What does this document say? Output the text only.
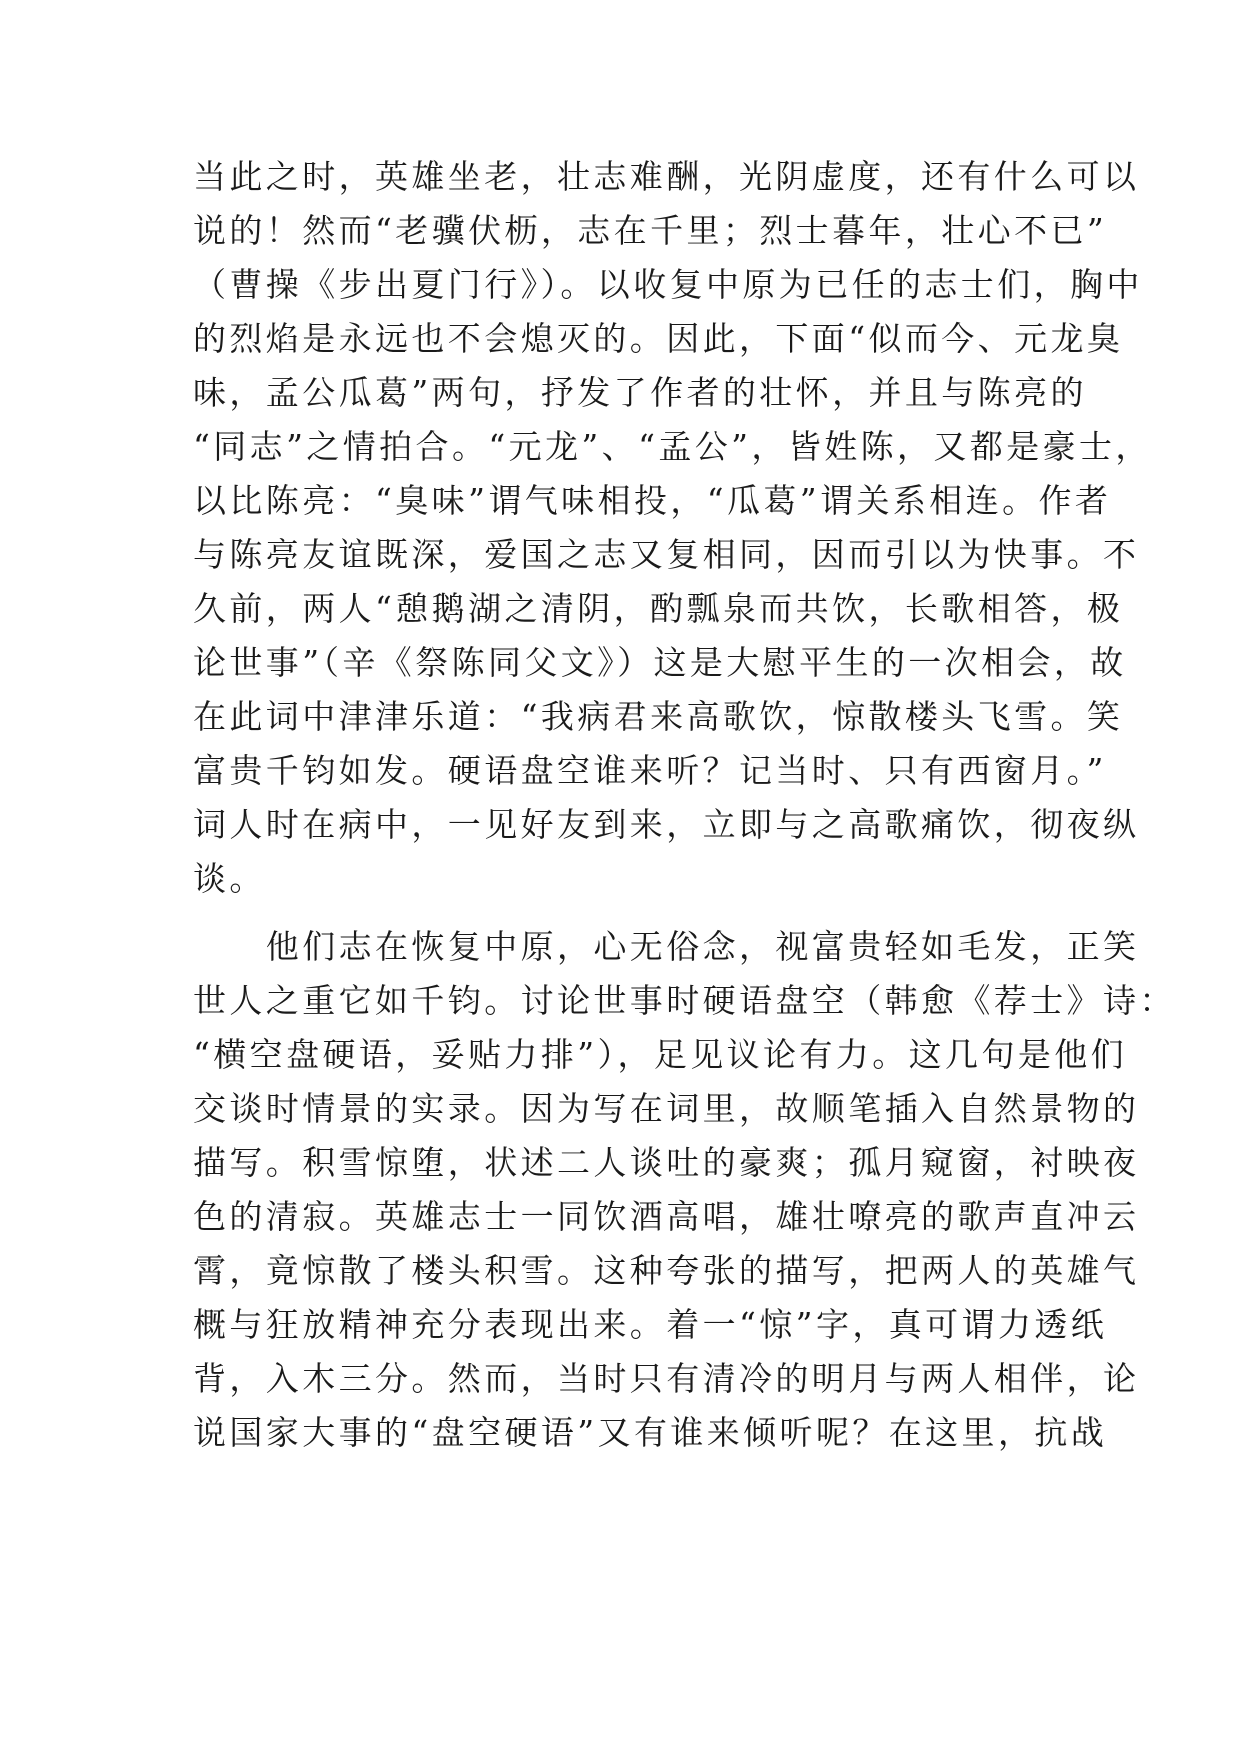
当此之时，英雄坐老，壮志难酬，光阴虚度，还有什么可以
说的！然而“老骥伏枥，志在千里；烈士暮年，壮心不已”
（曹操《步出夏门行》）。以收复中原为已任的志士们，胸中
的烈焰是永远也不会熄灭的。因此，下面“似而今、元龙臭
味，孟公瓜葛”两句，抒发了作者的壮怀，并且与陈亮的
“同志”之情拍合。“元龙”、“孟公”，皆姓陈，又都是豪士，
以比陈亮：“臭味”谓气味相投，“瓜葛”谓关系相连。作者
与陈亮友谊既深，爱国之志又复相同，因而引以为快事。不
久前，两人“憩鹅湖之清阴，酌瓢泉而共饮，长歌相答，极
论世事”（辛《祭陈同父文》）这是大慰平生的一次相会，故
在此词中津津乐道：“我病君来高歌饮，惊散楼头飞雪。笑
富贵千钧如发。硬语盘空谁来听？记当时、只有西窗月。”
词人时在病中，一见好友到来，立即与之高歌痛饮，彻夜纵
谈。
　　他们志在恢复中原，心无俗念，视富贵轻如毛发，正笑
世人之重它如千钧。讨论世事时硬语盘空（韩愈《荐士》诗：
“横空盘硬语，妥贴力排”），足见议论有力。这几句是他们
交谈时情景的实录。因为写在词里，故顺笔插入自然景物的
描写。积雪惊堕，状述二人谈吐的豪爽；孤月窥窗，衬映夜
色的清寂。英雄志士一同饮酒高唱，雄壮嘹亮的歌声直冲云
霄，竟惊散了楼头积雪。这种夸张的描写，把两人的英雄气
概与狂放精神充分表现出来。着一“惊”字，真可谓力透纸
背，入木三分。然而，当时只有清冷的明月与两人相伴，论
说国家大事的“盘空硬语”又有谁来倾听呢？在这里，抗战
